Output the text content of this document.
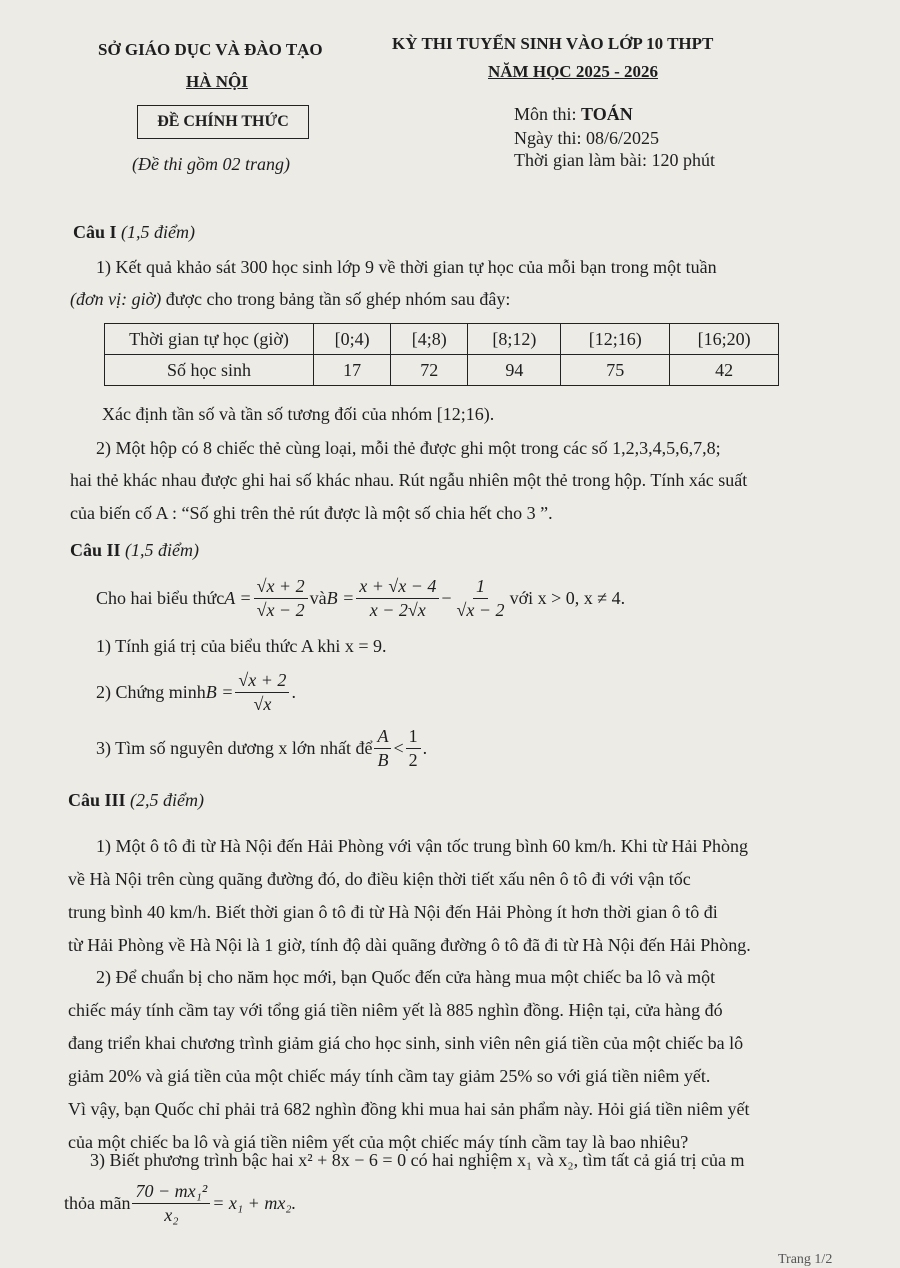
SỞ GIÁO DỤC VÀ ĐÀO TẠO
HÀ NỘI
KỲ THI TUYỂN SINH VÀO LỚP 10 THPT
NĂM HỌC 2025 - 2026
ĐỀ CHÍNH THỨC
(Đề thi gồm 02 trang)
Môn thi: TOÁN
Ngày thi: 08/6/2025
Thời gian làm bài: 120 phút
Câu I (1,5 điểm)
1) Kết quả khảo sát 300 học sinh lớp 9 về thời gian tự học của mỗi bạn trong một tuần
(đơn vị: giờ) được cho trong bảng tần số ghép nhóm sau đây:
Thời gian tự học (giờ)	[0;4)	[4;8)	[8;12)	[12;16)	[16;20)
Số học sinh	17	72	94	75	42
Xác định tần số và tần số tương đối của nhóm [12;16).
2) Một hộp có 8 chiếc thẻ cùng loại, mỗi thẻ được ghi một trong các số 1,2,3,4,5,6,7,8;
hai thẻ khác nhau được ghi hai số khác nhau. Rút ngẫu nhiên một thẻ trong hộp. Tính xác suất
của biến cố A : “Số ghi trên thẻ rút được là một số chia hết cho 3 ”.
Câu II (1,5 điểm)
Cho hai biểu thức $A = \frac{√x + 2}{√x - 2}$ và $B = \frac{x + √x - 4}{x - 2√x} - \frac{1}{√x - 2}$ với x > 0, x ≠ 4.
1) Tính giá trị của biểu thức A khi x = 9.
2) Chứng minh $B = \frac{√x + 2}{√x}$ .
3) Tìm số nguyên dương x lớn nhất để $\frac{A}{B} < \frac{1}{2}$ .
Câu III (2,5 điểm)
1) Một ô tô đi từ Hà Nội đến Hải Phòng với vận tốc trung bình 60 km/h. Khi từ Hải Phòng
về Hà Nội trên cùng quãng đường đó, do điều kiện thời tiết xấu nên ô tô đi với vận tốc
trung bình 40 km/h. Biết thời gian ô tô đi từ Hà Nội đến Hải Phòng ít hơn thời gian ô tô đi
từ Hải Phòng về Hà Nội là 1 giờ, tính độ dài quãng đường ô tô đã đi từ Hà Nội đến Hải Phòng.
2) Để chuẩn bị cho năm học mới, bạn Quốc đến cửa hàng mua một chiếc ba lô và một
chiếc máy tính cầm tay với tổng giá tiền niêm yết là 885 nghìn đồng. Hiện tại, cửa hàng đó
đang triển khai chương trình giảm giá cho học sinh, sinh viên nên giá tiền của một chiếc ba lô
giảm 20% và giá tiền của một chiếc máy tính cầm tay giảm 25% so với giá tiền niêm yết.
Vì vậy, bạn Quốc chỉ phải trả 682 nghìn đồng khi mua hai sản phẩm này. Hỏi giá tiền niêm yết
của một chiếc ba lô và giá tiền niêm yết của một chiếc máy tính cầm tay là bao nhiêu?
3) Biết phương trình bậc hai x² + 8x − 6 = 0 có hai nghiệm x₁ và x₂, tìm tất cả giá trị của m
thỏa mãn $\frac{\text{70 − mx₁²}}{\text{x₂}} = x_1 + mx_2$.
Trang 1/2
